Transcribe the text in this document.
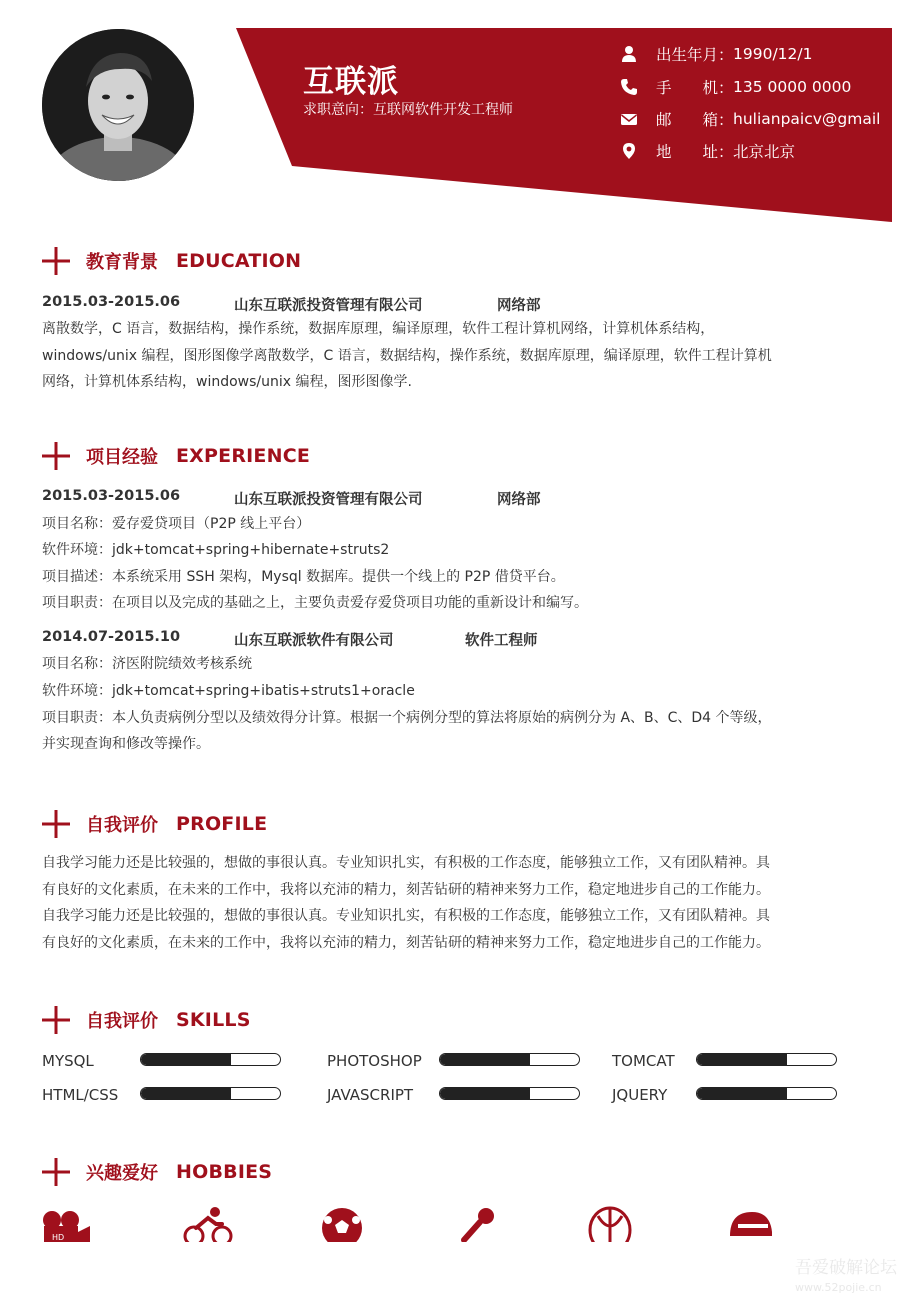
互联派
求职意向：互联网软件开发工程师
出生年月： 1990/12/1
手　　机： 135 0000 0000
邮　　箱： hulianpaicv@gmail
地　　址： 北京北京
教育背景 EDUCATION
2015.03-2015.06	山东互联派投资管理有限公司	网络部
离散数学，C 语言，数据结构，操作系统，数据库原理，编译原理，软件工程计算机网络，计算机体系结构，
windows/unix 编程，图形图像学离散数学，C 语言，数据结构，操作系统，数据库原理，编译原理，软件工程计算机
网络，计算机体系结构，windows/unix 编程，图形图像学.
项目经验 EXPERIENCE
2015.03-2015.06	山东互联派投资管理有限公司	网络部
项目名称：爱存爱贷项目（P2P 线上平台）
软件环境：jdk+tomcat+spring+hibernate+struts2
项目描述：本系统采用 SSH 架构，Mysql 数据库。提供一个线上的 P2P 借贷平台。
项目职责：在项目以及完成的基础之上，主要负责爱存爱贷项目功能的重新设计和编写。
2014.07-2015.10	山东互联派软件有限公司	软件工程师
项目名称：济医附院绩效考核系统
软件环境：jdk+tomcat+spring+ibatis+struts1+oracle
项目职责：本人负责病例分型以及绩效得分计算。根据一个病例分型的算法将原始的病例分为 A、B、C、D4 个等级，
并实现查询和修改等操作。
自我评价 PROFILE
自我学习能力还是比较强的，想做的事很认真。专业知识扎实，有积极的工作态度，能够独立工作，又有团队精神。具
有良好的文化素质，在未来的工作中，我将以充沛的精力，刻苦钻研的精神来努力工作，稳定地进步自己的工作能力。
自我学习能力还是比较强的，想做的事很认真。专业知识扎实，有积极的工作态度，能够独立工作，又有团队精神。具
有良好的文化素质，在未来的工作中，我将以充沛的精力，刻苦钻研的精神来努力工作，稳定地进步自己的工作能力。
自我评价 SKILLS
MYSQL	PHOTOSHOP	TOMCAT
HTML/CSS	JAVASCRIPT	JQUERY
兴趣爱好 HOBBIES
HD
吾爱破解论坛
www.52pojie.cn
